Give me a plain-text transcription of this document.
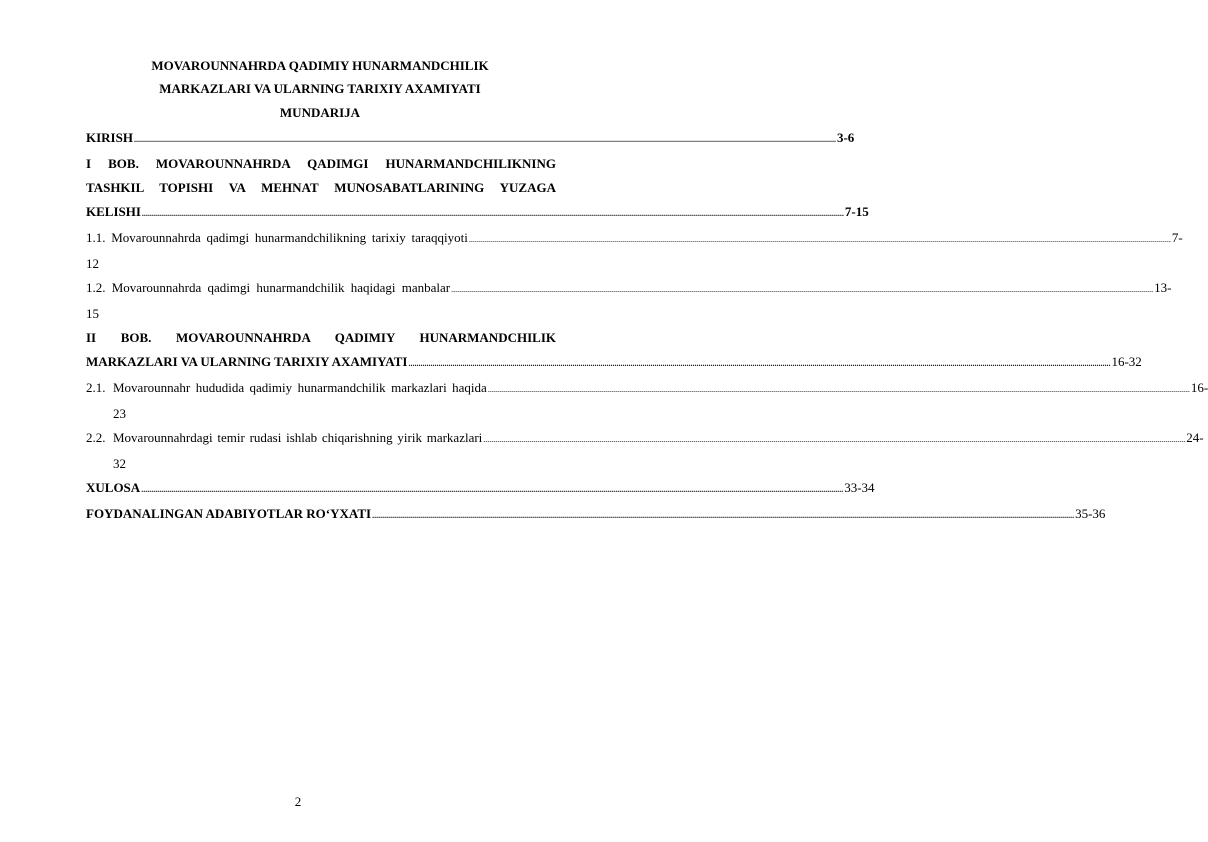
MOVAROUNNAHRDA QADIMIY HUNARMANDCHILIK

MARKAZLARI VA ULARNING TARIXIY AXAMIYATI

MUNDARIJA

KIRISH .....	3-6
I BOB. MOVAROUNNAHRDA QADIMGI HUNARMANDCHILIKNING
TASHKIL TOPISHI VA MEHNAT MUNOSABATLARINING YUZAGA
KELISHI .....	7-15
1.1. Movarounnahrda qadimgi hunarmandchilikning tarixiy taraqqiyoti .....	7-
12
1.2. Movarounnahrda qadimgi hunarmandchilik haqidagi manbalar .....	13-
15
II BOB. MOVAROUNNAHRDA QADIMIY HUNARMANDCHILIK
MARKAZLARI VA ULARNING TARIXIY AXAMIYATI .....	16-32
2.1. Movarounnahr hududida qadimiy hunarmandchilik markazlari haqida .....	16-
23
2.2. Movarounnahrdagi temir rudasi ishlab chiqarishning yirik markazlari .....	24-
32
XULOSA .....	33-34
FOYDANALINGAN ADABIYOTLAR RO‘YXATI .....	35-36
2
